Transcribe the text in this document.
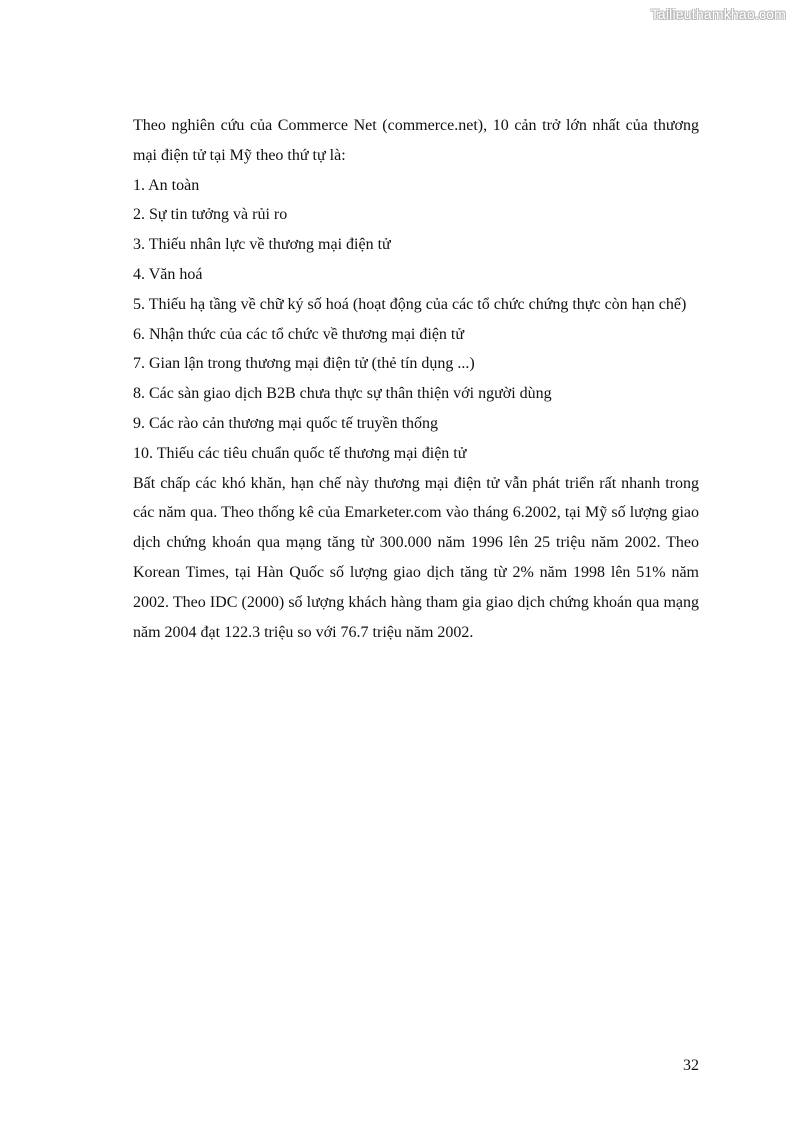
Tailieuthamkhao.com

Theo nghiên cứu của Commerce Net (commerce.net), 10 cản trở lớn nhất của thương mại điện tử tại Mỹ theo thứ tự là:

1. An toàn
2. Sự tin tưởng và rủi ro
3. Thiếu nhân lực về thương mại điện tử
4. Văn hoá
5. Thiếu hạ tầng về chữ ký số hoá (hoạt động của các tổ chức chứng thực còn hạn chế)
6. Nhận thức của các tổ chức về thương mại điện tử
7. Gian lận trong thương mại điện tử (thẻ tín dụng ...)
8. Các sàn giao dịch B2B chưa thực sự thân thiện với người dùng
9. Các rào cản thương mại quốc tế truyền thống
10. Thiếu các tiêu chuẩn quốc tế thương mại điện tử

Bất chấp các khó khăn, hạn chế này thương mại điện tử vẫn phát triển rất nhanh trong các năm qua. Theo thống kê của Emarketer.com vào tháng 6.2002, tại Mỹ số lượng giao dịch chứng khoán qua mạng tăng từ 300.000 năm 1996 lên 25 triệu năm 2002. Theo Korean Times, tại Hàn Quốc số lượng giao dịch tăng từ 2% năm 1998 lên 51% năm 2002. Theo IDC (2000) số lượng khách hàng tham gia giao dịch chứng khoán qua mạng năm 2004 đạt 122.3 triệu so với 76.7 triệu năm 2002.

32
